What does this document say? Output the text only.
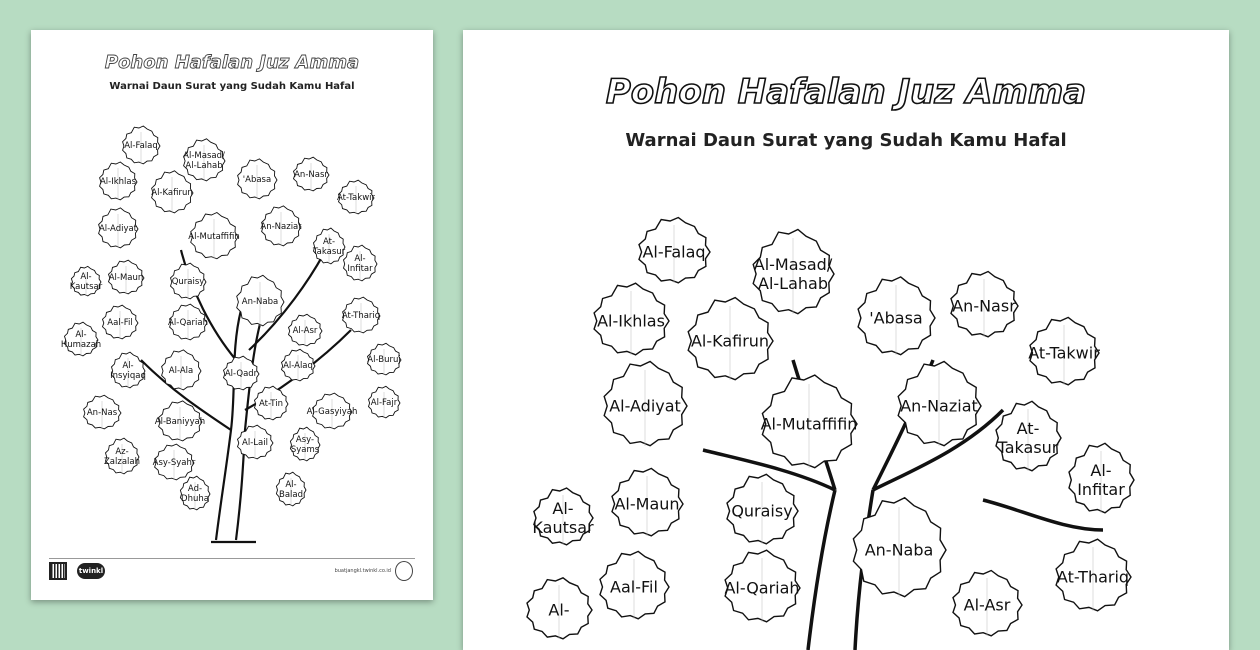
Pohon Hafalan Juz Amma
Warnai Daun Surat yang Sudah Kamu Hafal
Al-Falaq
Al-Masad/
Al-Lahab
'Abasa	An-Nasr
Al-Ikhlas
Al-Kafirun	At-Takwir
Al-Adiyat
Al-Mutaffifin
An-Naziat
At-
Takasur
Al-
Infitar
Al-
Kautsar
Al-Maun	Quraisy
An-Naba
Aal-Fil	Al-Qariah
At-Thariq
Al-Asr
Al-
Humazah
Al-
Insyiqaq
Al-Ala	Al-Qadr
Al-Alaq
Al-Buruj
An-Nas
Al-Baniyyah
At-Tin
Al-Gasyiyah
Al-Fajr
Az-
Zalzalah Asy-Syahr
Al-Lail	Asy-
Syams
Ad-
Dhuha
Al-
Balad
twinkl	buatjangkl.twinkl.co.id
Pohon Hafalan Juz Amma
Warnai Daun Surat yang Sudah Kamu Hafal
Al-Falaq
Al-Masad/
Al-Lahab
'Abasa
An-Nasr
Al-Ikhlas
Al-Kafirun
At-Takwir
Al-Adiyat
Al-Mutaffifin
An-Naziat
At-
Takasur
Al-
Infitar
Al-
Kautsar
Al-Maun	Quraisy
An-Naba
Aal-Fil	Al-Qariah
At-Thariq
Al-Asr
Al-
